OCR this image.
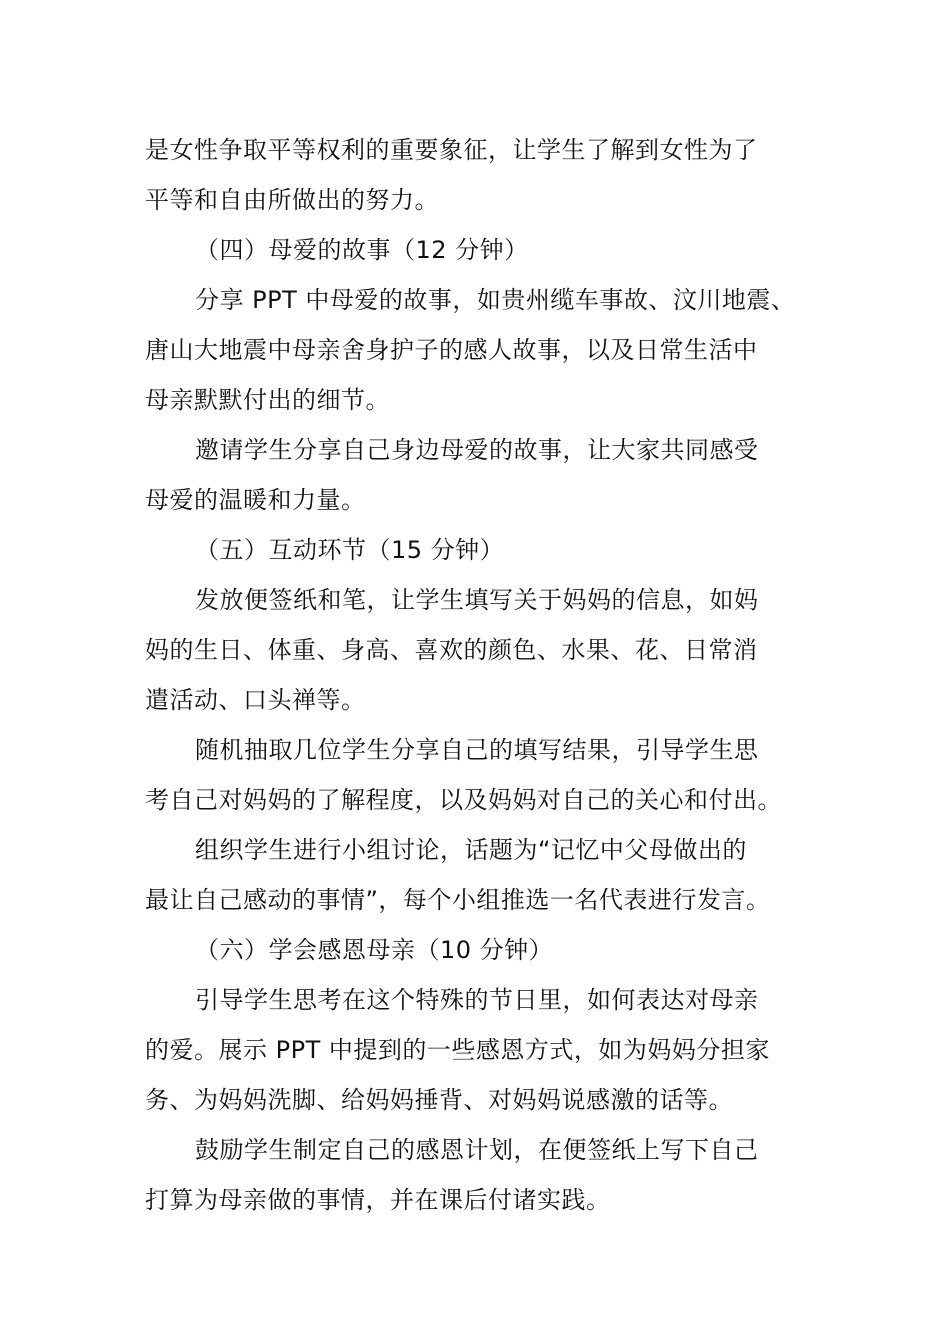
是女性争取平等权利的重要象征，让学生了解到女性为了
平等和自由所做出的努力。
（四）母爱的故事（12 分钟）
分享 PPT 中母爱的故事，如贵州缆车事故、汶川地震、
唐山大地震中母亲舍身护子的感人故事，以及日常生活中
母亲默默付出的细节。
邀请学生分享自己身边母爱的故事，让大家共同感受
母爱的温暖和力量。
（五）互动环节（15 分钟）
发放便签纸和笔，让学生填写关于妈妈的信息，如妈
妈的生日、体重、身高、喜欢的颜色、水果、花、日常消
遣活动、口头禅等。
随机抽取几位学生分享自己的填写结果，引导学生思
考自己对妈妈的了解程度，以及妈妈对自己的关心和付出。
组织学生进行小组讨论，话题为“记忆中父母做出的
最让自己感动的事情”，每个小组推选一名代表进行发言。
（六）学会感恩母亲（10 分钟）
引导学生思考在这个特殊的节日里，如何表达对母亲
的爱。展示 PPT 中提到的一些感恩方式，如为妈妈分担家
务、为妈妈洗脚、给妈妈捶背、对妈妈说感激的话等。
鼓励学生制定自己的感恩计划，在便签纸上写下自己
打算为母亲做的事情，并在课后付诸实践。
